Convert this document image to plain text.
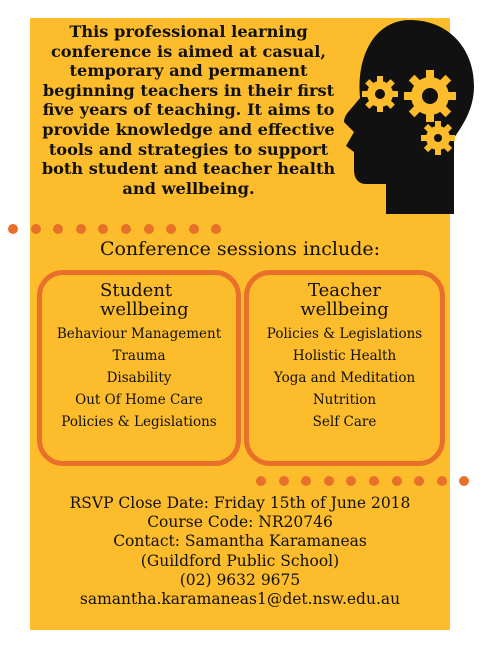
This professional learning conference is aimed at casual, temporary and permanent beginning teachers in their first five years of teaching. It aims to provide knowledge and effective tools and strategies to support both student and teacher health and wellbeing.
Conference sessions include:
Student
wellbeing
Behaviour Management
Trauma
Disability
Out Of Home Care
Policies & Legislations
Teacher
wellbeing
Policies & Legislations
Holistic Health
Yoga and Meditation
Nutrition
Self Care
RSVP Close Date: Friday 15th of June 2018
Course Code: NR20746
Contact: Samantha Karamaneas
(Guildford Public School)
(02) 9632 9675
samantha.karamaneas1@det.nsw.edu.au
